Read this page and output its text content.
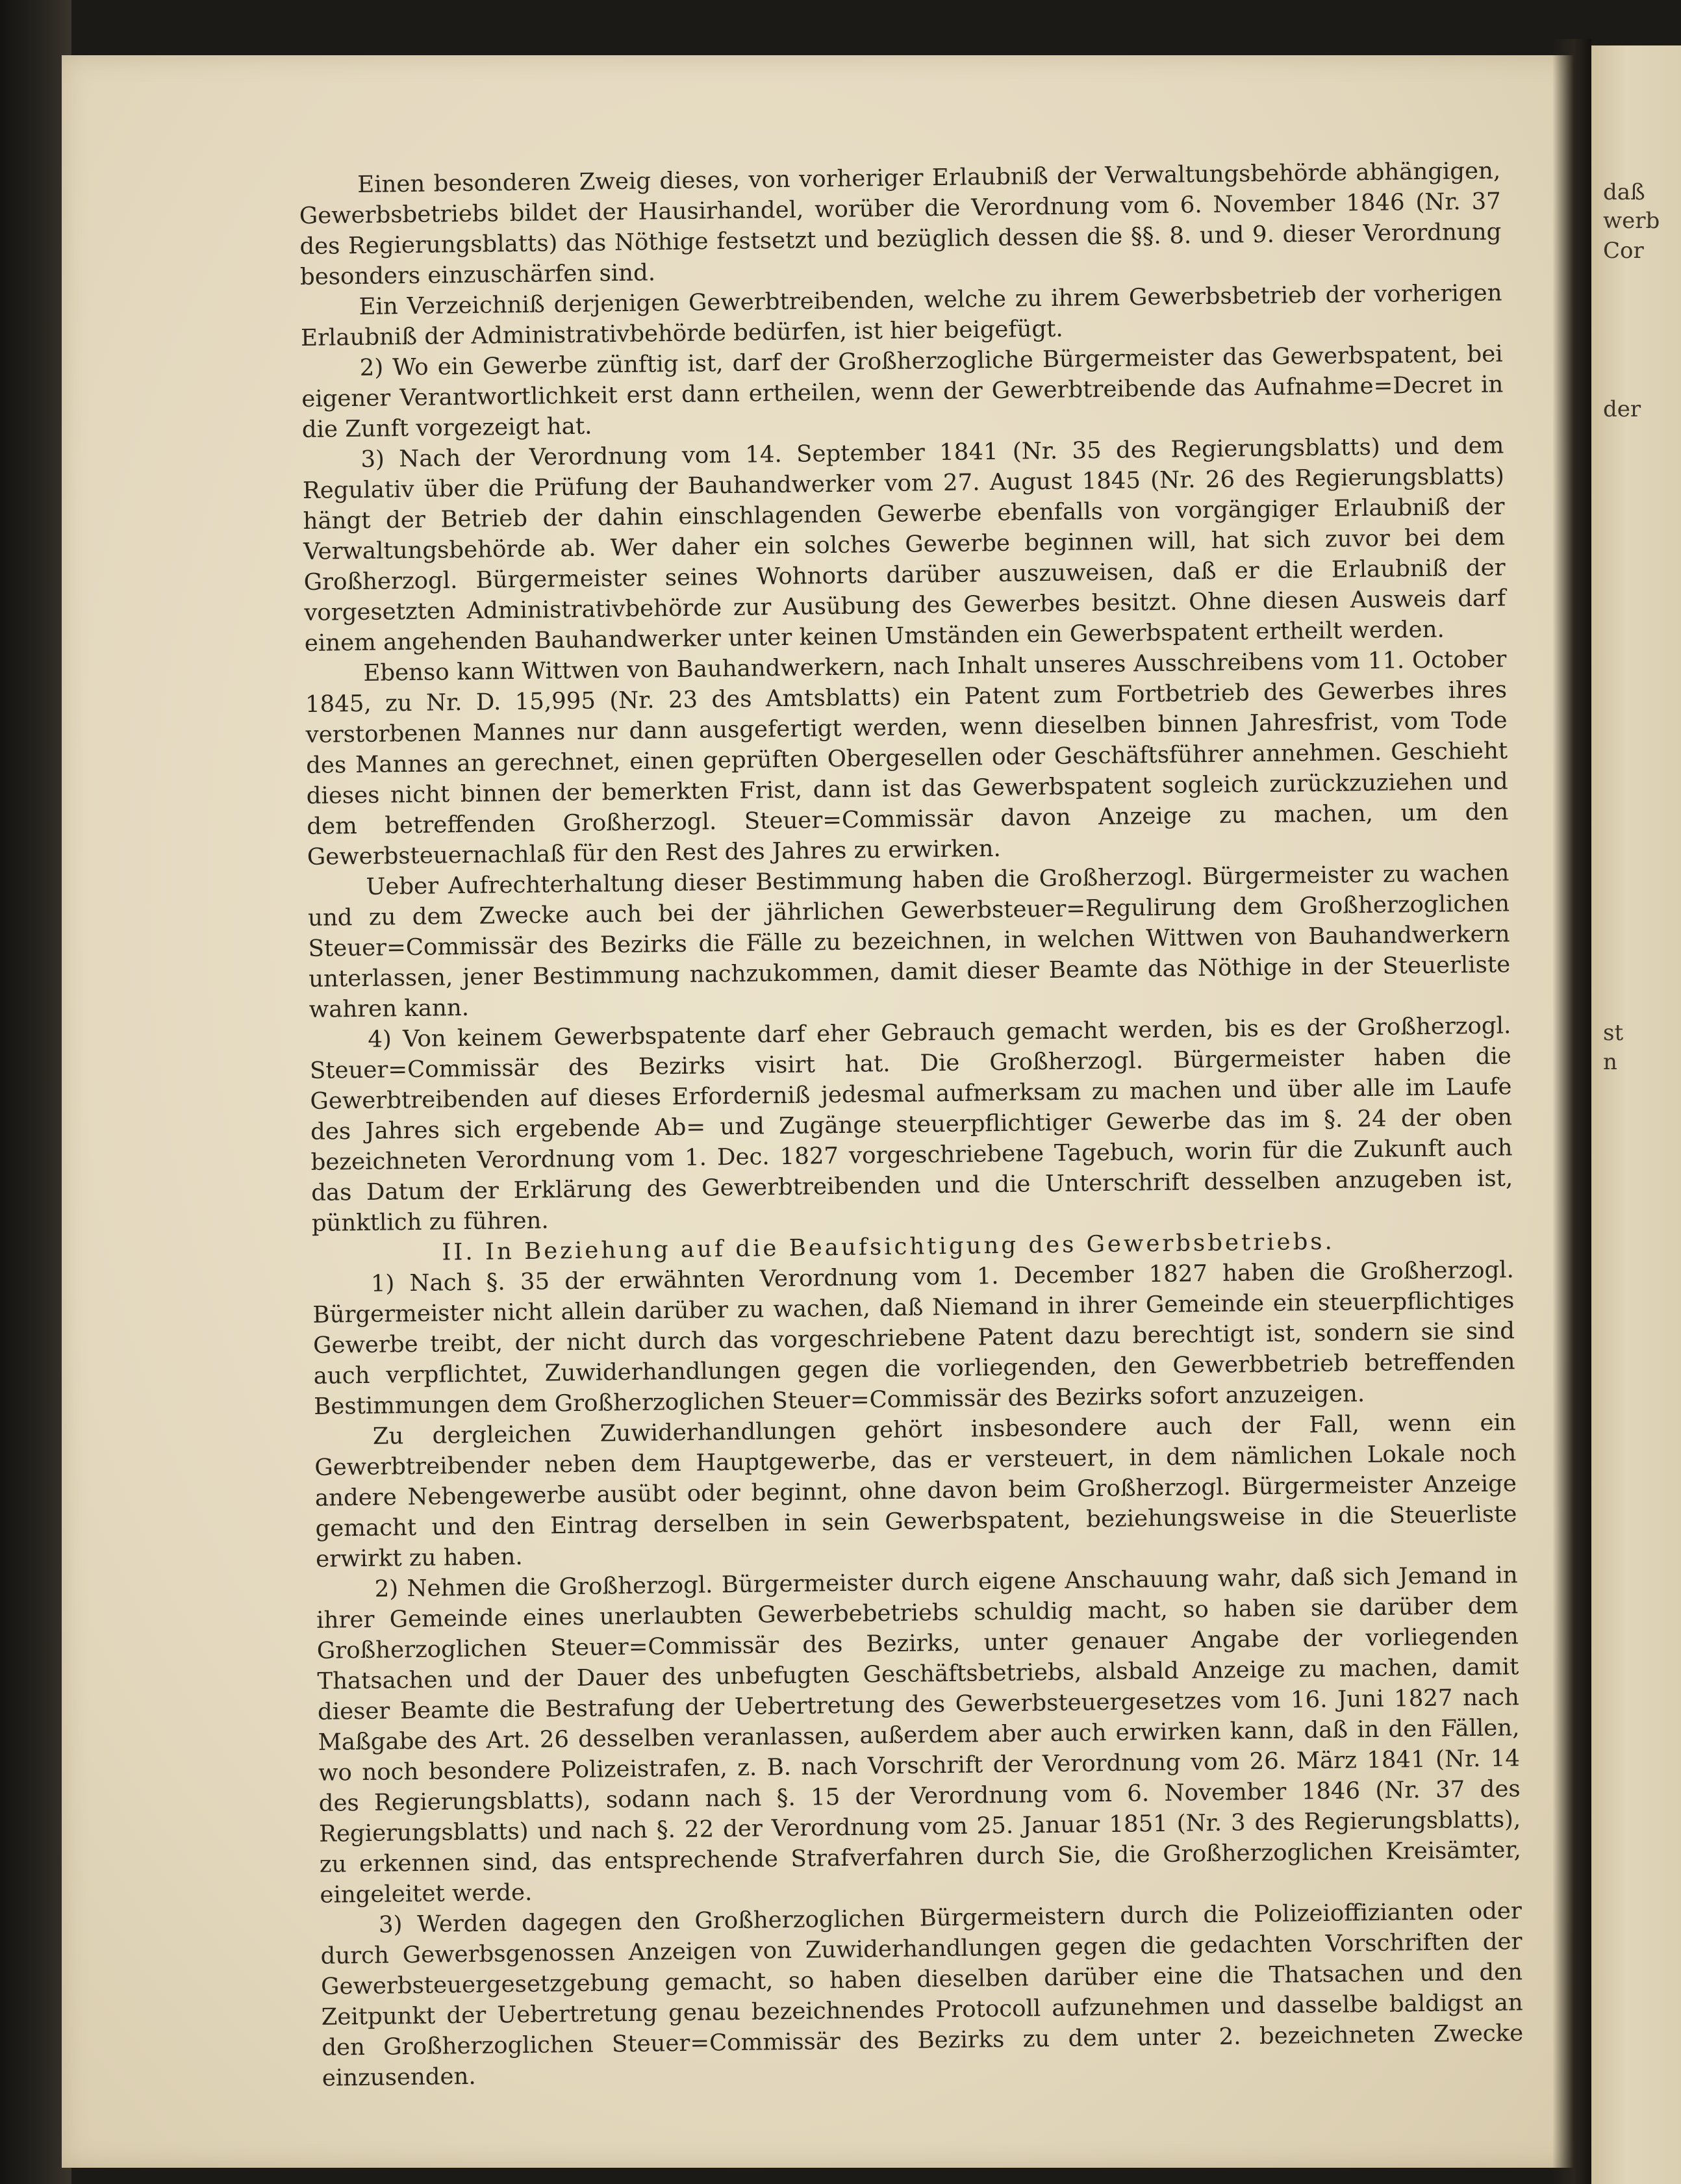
daß
werb
Cor
der
st
n

Einen besonderen Zweig dieses, von vorheriger Erlaubniß der Verwaltungsbehörde abhängigen, Gewerbsbetriebs bildet der Hausirhandel, worüber die Verordnung vom 6. November 1846 (Nr. 37 des Regierungsblatts) das Nöthige festsetzt und bezüglich dessen die §§. 8. und 9. dieser Verordnung besonders einzuschärfen sind.

Ein Verzeichniß derjenigen Gewerbtreibenden, welche zu ihrem Gewerbsbetrieb der vorherigen Erlaubniß der Administrativbehörde bedürfen, ist hier beigefügt.

2) Wo ein Gewerbe zünftig ist, darf der Großherzogliche Bürgermeister das Gewerbspatent, bei eigener Verantwortlichkeit erst dann ertheilen, wenn der Gewerbtreibende das Aufnahme=Decret in die Zunft vorgezeigt hat.

3) Nach der Verordnung vom 14. September 1841 (Nr. 35 des Regierungsblatts) und dem Regulativ über die Prüfung der Bauhandwerker vom 27. August 1845 (Nr. 26 des Regierungsblatts) hängt der Betrieb der dahin einschlagenden Gewerbe ebenfalls von vorgängiger Erlaubniß der Verwaltungsbehörde ab. Wer daher ein solches Gewerbe beginnen will, hat sich zuvor bei dem Großherzogl. Bürgermeister seines Wohnorts darüber auszuweisen, daß er die Erlaubniß der vorgesetzten Administrativbehörde zur Ausübung des Gewerbes besitzt. Ohne diesen Ausweis darf einem angehenden Bauhandwerker unter keinen Umständen ein Gewerbspatent ertheilt werden.

Ebenso kann Wittwen von Bauhandwerkern, nach Inhalt unseres Ausschreibens vom 11. October 1845, zu Nr. D. 15,995 (Nr. 23 des Amtsblatts) ein Patent zum Fortbetrieb des Gewerbes ihres verstorbenen Mannes nur dann ausgefertigt werden, wenn dieselben binnen Jahresfrist, vom Tode des Mannes an gerechnet, einen geprüften Obergesellen oder Geschäftsführer annehmen. Geschieht dieses nicht binnen der bemerkten Frist, dann ist das Gewerbspatent sogleich zurückzuziehen und dem betreffenden Großherzogl. Steuer=Commissär davon Anzeige zu machen, um den Gewerbsteuernachlaß für den Rest des Jahres zu erwirken.

Ueber Aufrechterhaltung dieser Bestimmung haben die Großherzogl. Bürgermeister zu wachen und zu dem Zwecke auch bei der jährlichen Gewerbsteuer=Regulirung dem Großherzoglichen Steuer=Commissär des Bezirks die Fälle zu bezeichnen, in welchen Wittwen von Bauhandwerkern unterlassen, jener Bestimmung nachzukommen, damit dieser Beamte das Nöthige in der Steuerliste wahren kann.

4) Von keinem Gewerbspatente darf eher Gebrauch gemacht werden, bis es der Großherzogl. Steuer=Commissär des Bezirks visirt hat. Die Großherzogl. Bürgermeister haben die Gewerbtreibenden auf dieses Erforderniß jedesmal aufmerksam zu machen und über alle im Laufe des Jahres sich ergebende Ab= und Zugänge steuerpflichtiger Gewerbe das im §. 24 der oben bezeichneten Verordnung vom 1. Dec. 1827 vorgeschriebene Tagebuch, worin für die Zukunft auch das Datum der Erklärung des Gewerbtreibenden und die Unterschrift desselben anzugeben ist, pünktlich zu führen.

II. In Beziehung auf die Beaufsichtigung des Gewerbsbetriebs.

1) Nach §. 35 der erwähnten Verordnung vom 1. December 1827 haben die Großherzogl. Bürgermeister nicht allein darüber zu wachen, daß Niemand in ihrer Gemeinde ein steuerpflichtiges Gewerbe treibt, der nicht durch das vorgeschriebene Patent dazu berechtigt ist, sondern sie sind auch verpflichtet, Zuwiderhandlungen gegen die vorliegenden, den Gewerbbetrieb betreffenden Bestimmungen dem Großherzoglichen Steuer=Commissär des Bezirks sofort anzuzeigen.

Zu dergleichen Zuwiderhandlungen gehört insbesondere auch der Fall, wenn ein Gewerbtreibender neben dem Hauptgewerbe, das er versteuert, in dem nämlichen Lokale noch andere Nebengewerbe ausübt oder beginnt, ohne davon beim Großherzogl. Bürgermeister Anzeige gemacht und den Eintrag derselben in sein Gewerbspatent, beziehungsweise in die Steuerliste erwirkt zu haben.

2) Nehmen die Großherzogl. Bürgermeister durch eigene Anschauung wahr, daß sich Jemand in ihrer Gemeinde eines unerlaubten Gewerbebetriebs schuldig macht, so haben sie darüber dem Großherzoglichen Steuer=Commissär des Bezirks, unter genauer Angabe der vorliegenden Thatsachen und der Dauer des unbefugten Geschäftsbetriebs, alsbald Anzeige zu machen, damit dieser Beamte die Bestrafung der Uebertretung des Gewerbsteuergesetzes vom 16. Juni 1827 nach Maßgabe des Art. 26 desselben veranlassen, außerdem aber auch erwirken kann, daß in den Fällen, wo noch besondere Polizeistrafen, z. B. nach Vorschrift der Verordnung vom 26. März 1841 (Nr. 14 des Regierungsblatts), sodann nach §. 15 der Verordnung vom 6. November 1846 (Nr. 37 des Regierungsblatts) und nach §. 22 der Verordnung vom 25. Januar 1851 (Nr. 3 des Regierungsblatts), zu erkennen sind, das entsprechende Strafverfahren durch Sie, die Großherzoglichen Kreisämter, eingeleitet werde.

3) Werden dagegen den Großherzoglichen Bürgermeistern durch die Polizeioffizianten oder durch Gewerbsgenossen Anzeigen von Zuwiderhandlungen gegen die gedachten Vorschriften der Gewerbsteuergesetzgebung gemacht, so haben dieselben darüber eine die Thatsachen und den Zeitpunkt der Uebertretung genau bezeichnendes Protocoll aufzunehmen und dasselbe baldigst an den Großherzoglichen Steuer=Commissär des Bezirks zu dem unter 2. bezeichneten Zwecke einzusenden.
